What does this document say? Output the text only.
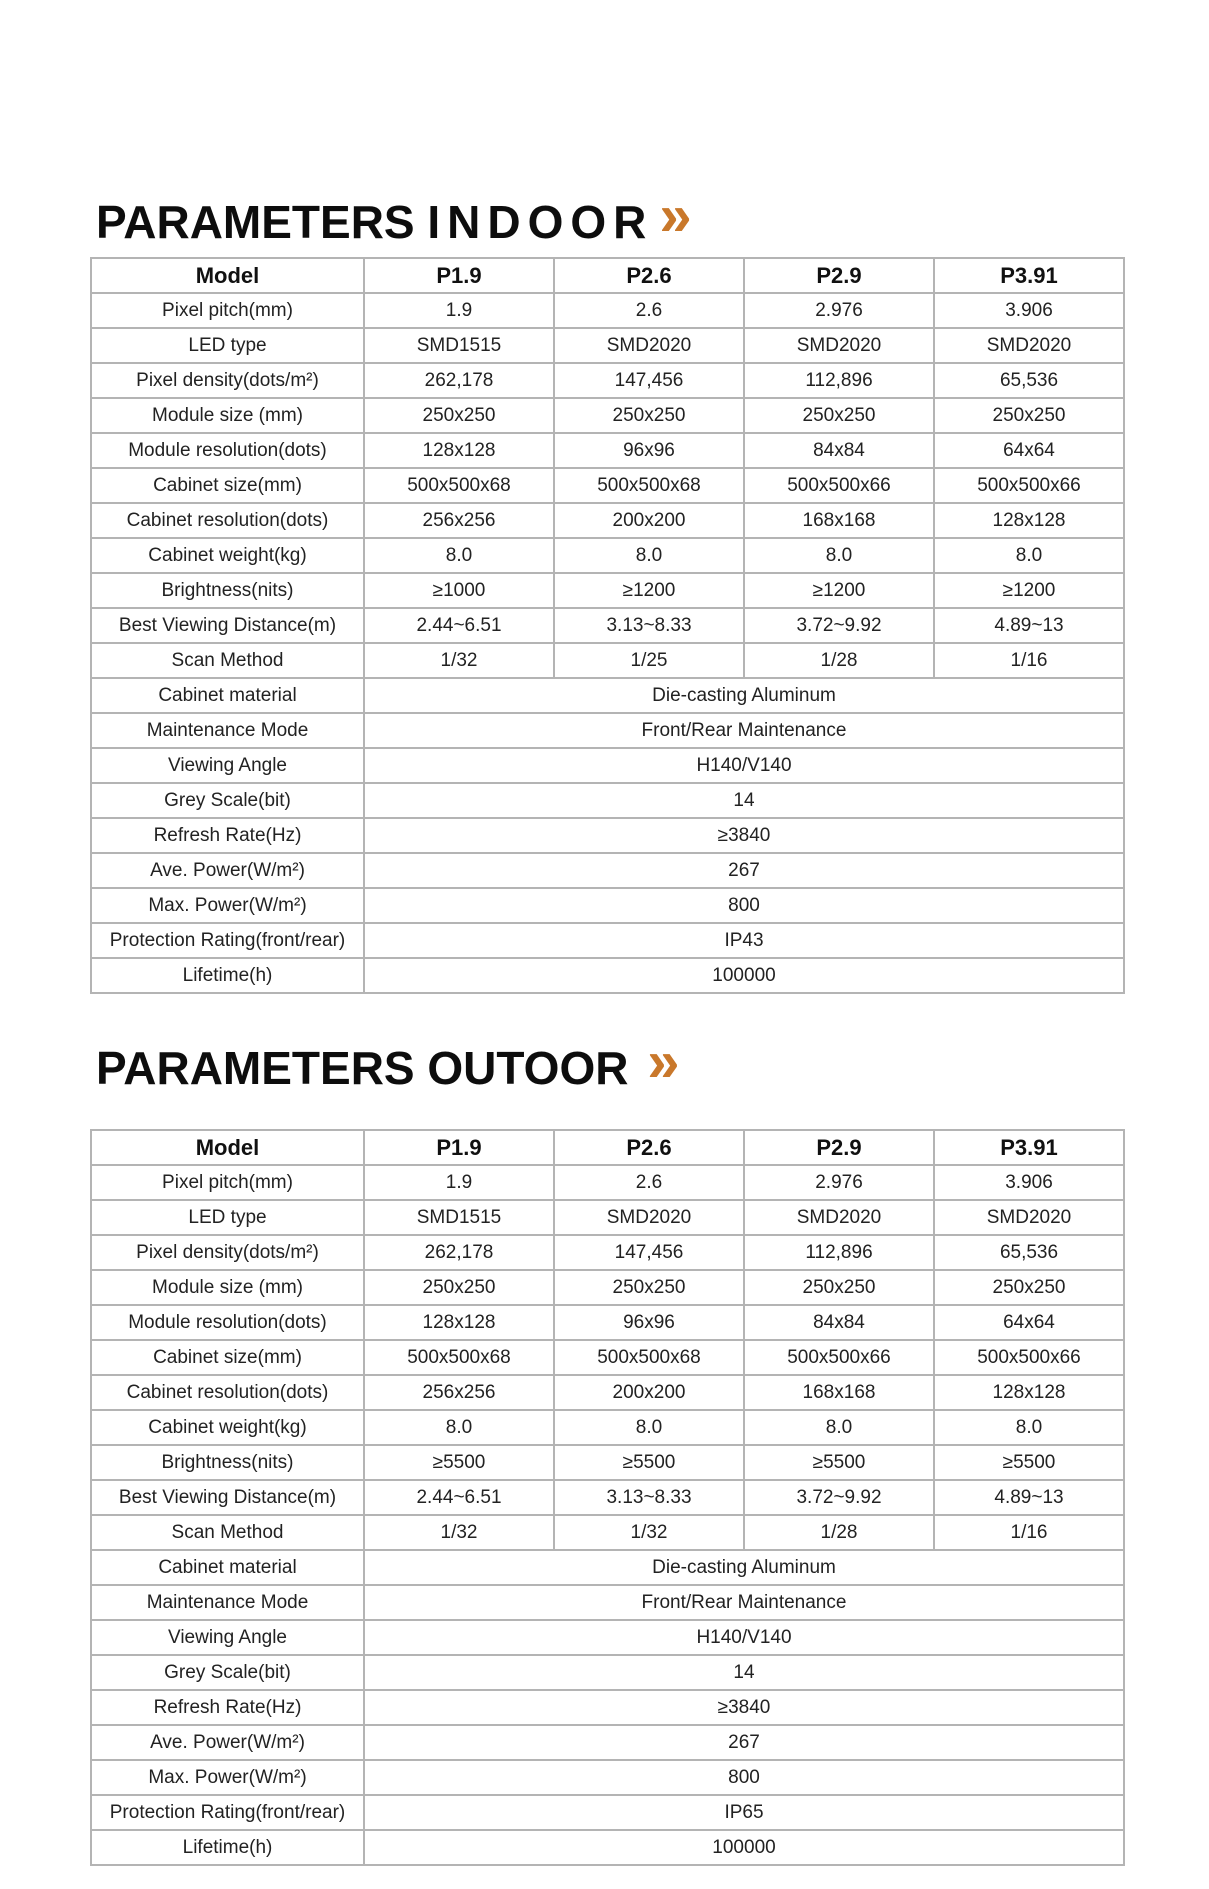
PARAMETERS INDOOR »
Model	P1.9	P2.6	P2.9	P3.91
Pixel pitch(mm)	1.9	2.6	2.976	3.906
LED type	SMD1515	SMD2020	SMD2020	SMD2020
Pixel density(dots/m²)	262,178	147,456	112,896	65,536
Module size (mm)	250x250	250x250	250x250	250x250
Module resolution(dots)	128x128	96x96	84x84	64x64
Cabinet size(mm)	500x500x68	500x500x68	500x500x66	500x500x66
Cabinet resolution(dots)	256x256	200x200	168x168	128x128
Cabinet weight(kg)	8.0	8.0	8.0	8.0
Brightness(nits)	≥1000	≥1200	≥1200	≥1200
Best Viewing Distance(m)	2.44~6.51	3.13~8.33	3.72~9.92	4.89~13
Scan Method	1/32	1/25	1/28	1/16
Cabinet material	Die-casting Aluminum			
Maintenance Mode	Front/Rear Maintenance			
Viewing Angle	H140/V140			
Grey Scale(bit)	14			
Refresh Rate(Hz)	≥3840			
Ave. Power(W/m²)	267			
Max. Power(W/m²)	800			
Protection Rating(front/rear)	IP43			
Lifetime(h)	100000			
PARAMETERS OUTOOR »
Model	P1.9	P2.6	P2.9	P3.91
Pixel pitch(mm)	1.9	2.6	2.976	3.906
LED type	SMD1515	SMD2020	SMD2020	SMD2020
Pixel density(dots/m²)	262,178	147,456	112,896	65,536
Module size (mm)	250x250	250x250	250x250	250x250
Module resolution(dots)	128x128	96x96	84x84	64x64
Cabinet size(mm)	500x500x68	500x500x68	500x500x66	500x500x66
Cabinet resolution(dots)	256x256	200x200	168x168	128x128
Cabinet weight(kg)	8.0	8.0	8.0	8.0
Brightness(nits)	≥5500	≥5500	≥5500	≥5500
Best Viewing Distance(m)	2.44~6.51	3.13~8.33	3.72~9.92	4.89~13
Scan Method	1/32	1/32	1/28	1/16
Cabinet material	Die-casting Aluminum			
Maintenance Mode	Front/Rear Maintenance			
Viewing Angle	H140/V140			
Grey Scale(bit)	14			
Refresh Rate(Hz)	≥3840			
Ave. Power(W/m²)	267			
Max. Power(W/m²)	800			
Protection Rating(front/rear)	IP65			
Lifetime(h)	100000			
